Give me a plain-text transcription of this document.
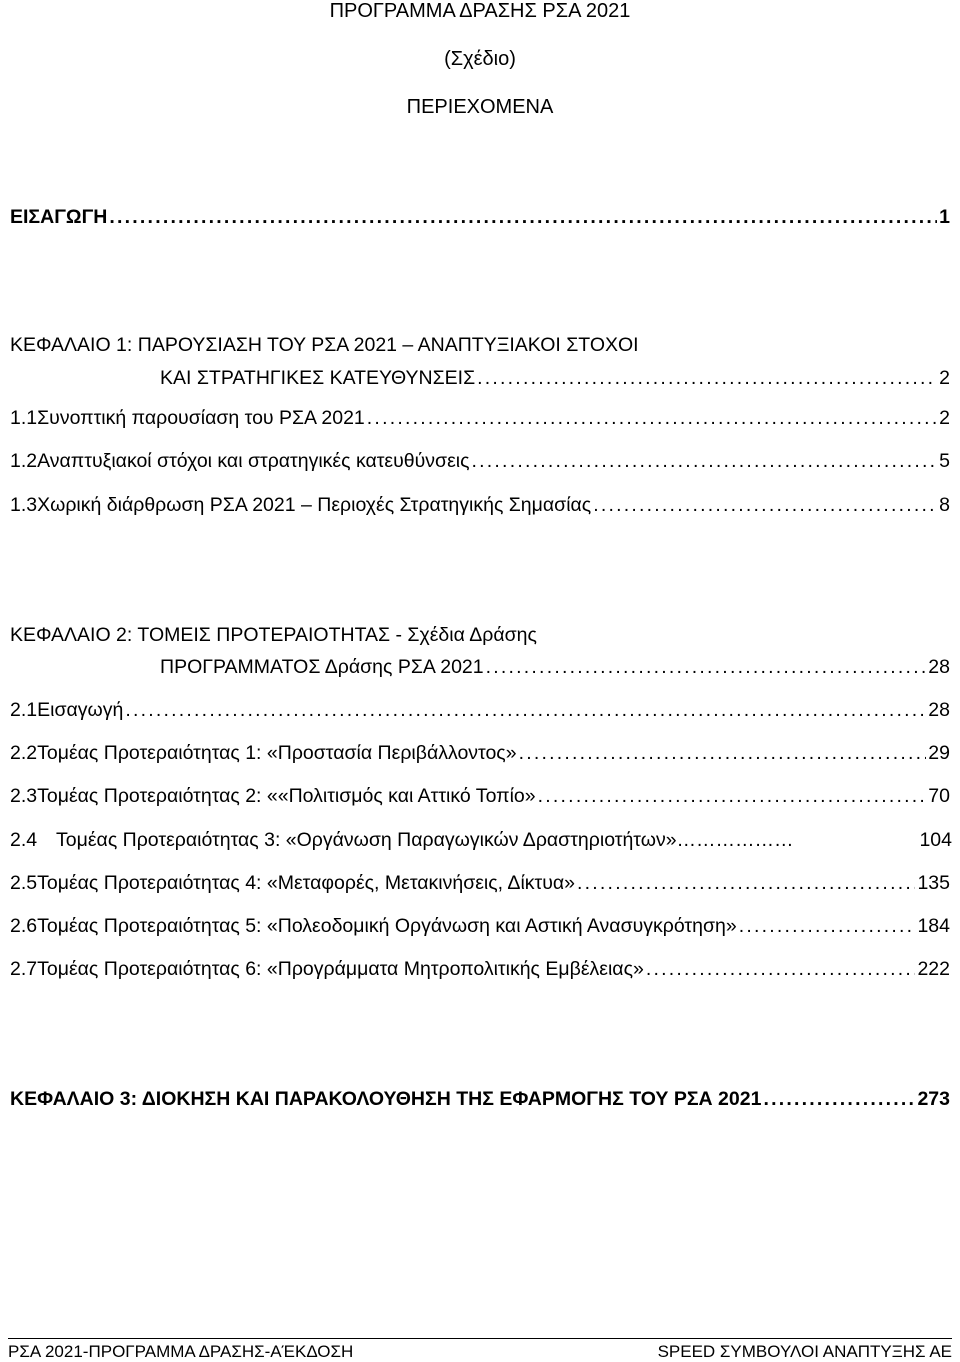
ΠΡΟΓΡΑΜΜΑ ΔΡΑΣΗΣ ΡΣΑ 2021
(Σχέδιο)
ΠΕΡΙΕΧΟΜΕΝΑ
ΕΙΣΑΓΩΓΗ . . .	1
ΚΕΦΑΛΑΙΟ 1: ΠΑΡΟΥΣΙΑΣΗ ΤΟΥ ΡΣΑ 2021 – ΑΝΑΠΤΥΞΙΑΚΟΙ ΣΤΟΧΟΙ
ΚΑΙ ΣΤΡΑΤΗΓΙΚΕΣ ΚΑΤΕΥΘΥΝΣΕΙΣ . . .	2
1.1 Συνοπτική παρουσίαση του ΡΣΑ 2021 . . .	2
1.2 Αναπτυξιακοί στόχοι και στρατηγικές κατευθύνσεις . . .	5
1.3 Χωρική διάρθρωση ΡΣΑ 2021 – Περιοχές Στρατηγικής Σημασίας . . .	8
ΚΕΦΑΛΑΙΟ 2: ΤΟΜΕΙΣ ΠΡΟΤΕΡΑΙΟΤΗΤΑΣ - Σχέδια Δράσης
ΠΡΟΓΡΑΜΜΑΤΟΣ Δράσης ΡΣΑ 2021 . . .	28
2.1 Εισαγωγή . . .	28
2.2 Τομέας Προτεραιότητας 1: «Προστασία Περιβάλλοντος» . . .	29
2.3 Τομέας Προτεραιότητας 2: ««Πολιτισμός και Αττικό Τοπίο» . . .	70
2.4 Τομέας Προτεραιότητας 3: «Οργάνωση Παραγωγικών Δραστηριοτήτων»………………	104
2.5 Τομέας Προτεραιότητας 4: «Μεταφορές, Μετακινήσεις, Δίκτυα» . . .	135
2.6 Τομέας Προτεραιότητας 5: «Πολεοδομική Οργάνωση και Αστική Ανασυγκρότηση» . . .	184
2.7 Τομέας Προτεραιότητας 6: «Προγράμματα Μητροπολιτικής Εμβέλειας» . . .	222
ΚΕΦΑΛΑΙΟ 3: ΔΙΟΚΗΣΗ ΚΑΙ ΠΑΡΑΚΟΛΟΥΘΗΣΗ ΤΗΣ ΕΦΑΡΜΟΓΗΣ ΤΟΥ ΡΣΑ 2021 . . .	273
ΡΣΑ 2021-ΠΡΟΓΡΑΜΜΑ ΔΡΑΣΗΣ-ΑΈΚΔΟΣΗ	SPEED ΣΥΜΒΟΥΛΟΙ ΑΝΑΠΤΥΞΗΣ ΑΕ
